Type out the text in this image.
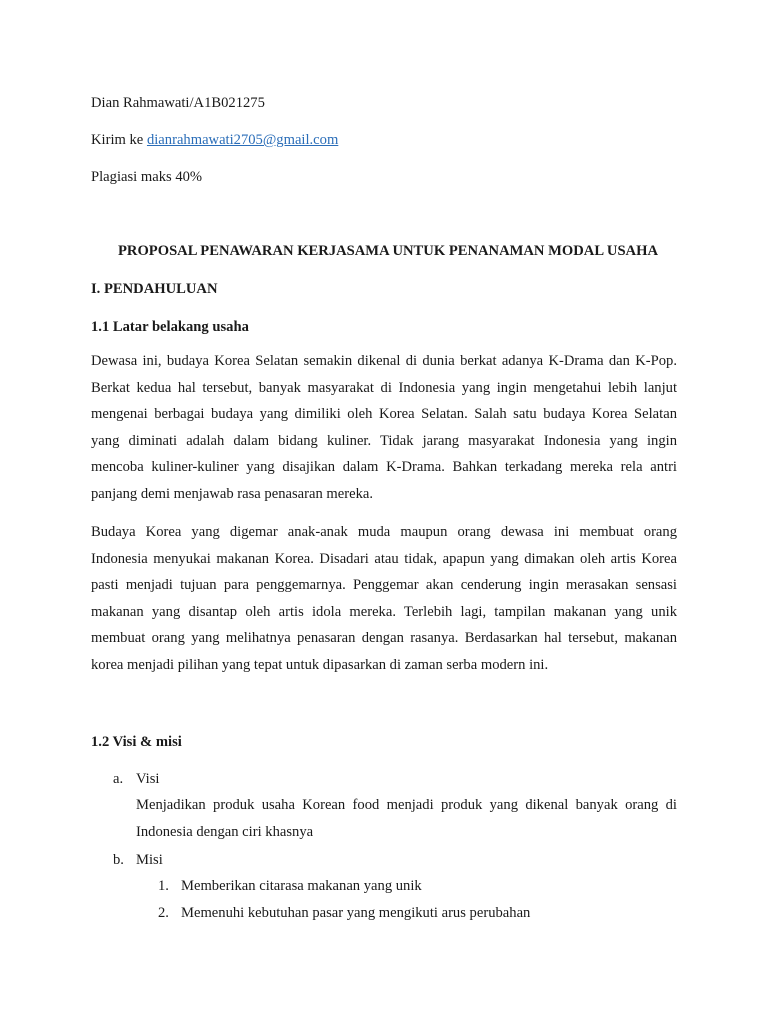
Dian Rahmawati/A1B021275
Kirim ke dianrahmawati2705@gmail.com
Plagiasi maks 40%
PROPOSAL PENAWARAN KERJASAMA UNTUK PENANAMAN MODAL USAHA
I. PENDAHULUAN
1.1 Latar belakang usaha
Dewasa ini, budaya Korea Selatan semakin dikenal di dunia berkat adanya K-Drama dan K-Pop.
Berkat kedua hal tersebut, banyak masyarakat di Indonesia yang ingin mengetahui lebih lanjut
mengenai berbagai budaya yang dimiliki oleh Korea Selatan. Salah satu budaya Korea Selatan
yang diminati adalah dalam bidang kuliner. Tidak jarang masyarakat Indonesia yang ingin
mencoba kuliner-kuliner yang disajikan dalam K-Drama. Bahkan terkadang mereka rela antri
panjang demi menjawab rasa penasaran mereka.
Budaya Korea yang digemar anak-anak muda maupun orang dewasa ini membuat orang
Indonesia menyukai makanan Korea. Disadari atau tidak, apapun yang dimakan oleh artis Korea
pasti menjadi tujuan para penggemarnya. Penggemar akan cenderung ingin merasakan sensasi
makanan yang disantap oleh artis idola mereka. Terlebih lagi, tampilan makanan yang unik
membuat orang yang melihatnya penasaran dengan rasanya. Berdasarkan hal tersebut, makanan
korea menjadi pilihan yang tepat untuk dipasarkan di zaman serba modern ini.
1.2 Visi & misi
a. Visi
Menjadikan produk usaha Korean food menjadi produk yang dikenal banyak orang di
Indonesia dengan ciri khasnya
b. Misi
1. Memberikan citarasa makanan yang unik
2. Memenuhi kebutuhan pasar yang mengikuti arus perubahan
